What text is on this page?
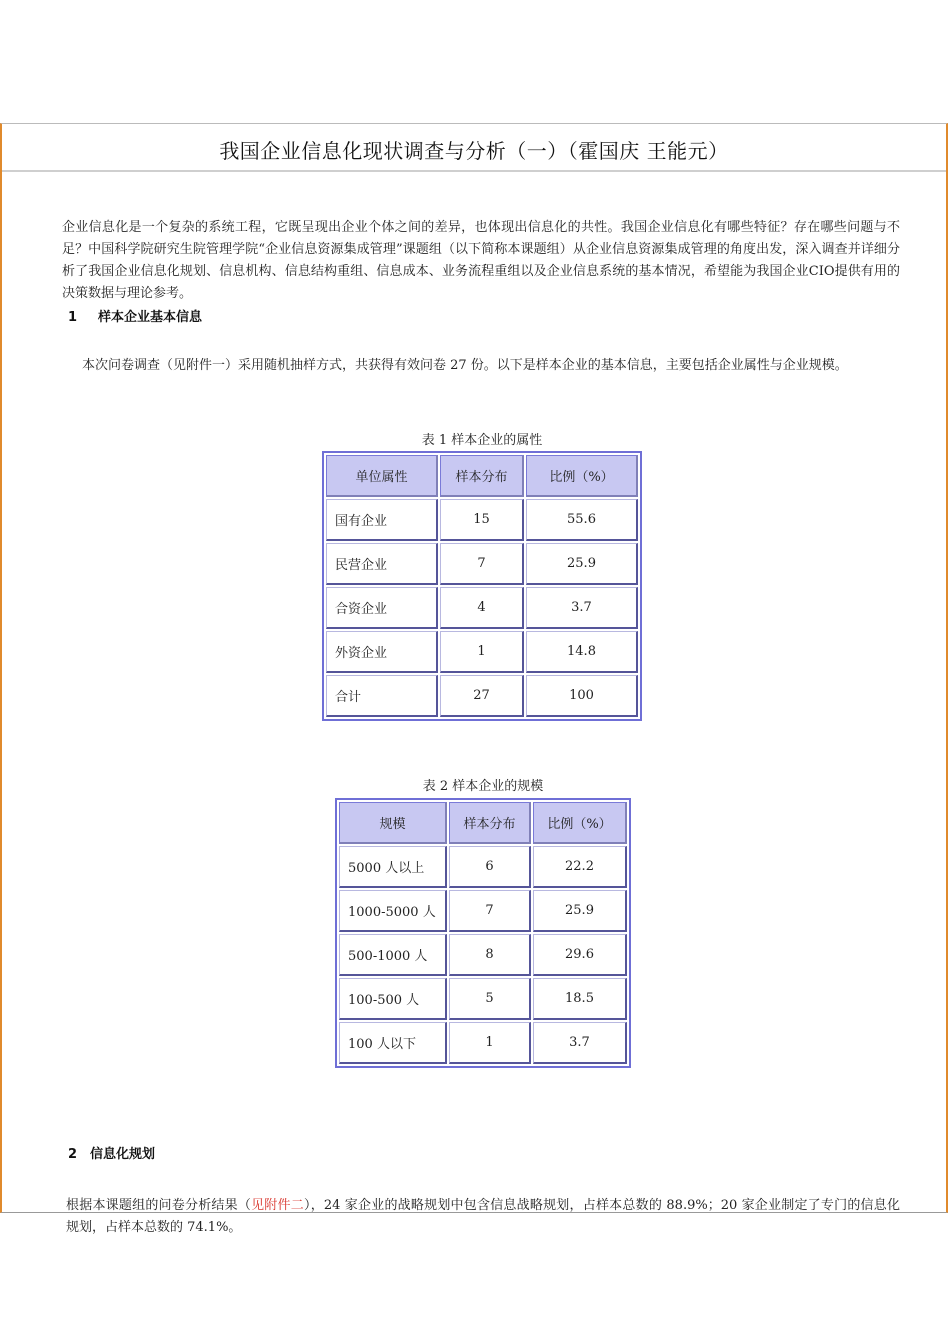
我国企业信息化现状调查与分析（一）（霍国庆 王能元）
企业信息化是一个复杂的系统工程，它既呈现出企业个体之间的差异，也体现出信息化的共性。我国企业信息化有哪些特征？存在哪些问题与不足？中国科学院研究生院管理学院“企业信息资源集成管理”课题组（以下简称本课题组）从企业信息资源集成管理的角度出发，深入调查并详细分析了我国企业信息化规划、信息机构、信息结构重组、信息成本、业务流程重组以及企业信息系统的基本情况，希望能为我国企业CIO提供有用的决策数据与理论参考。
1 样本企业基本信息
本次问卷调查（见附件一）采用随机抽样方式，共获得有效问卷 27 份。以下是样本企业的基本信息，主要包括企业属性与企业规模。
表 1 样本企业的属性
单位属性	样本分布	比例（%）
国有企业	15	55.6
民营企业	7	25.9
合资企业	4	3.7
外资企业	1	14.8
合计	27	100
表 2 样本企业的规模
规模	样本分布	比例（%）
5000 人以上	6	22.2
1000-5000 人	7	25.9
500-1000 人	8	29.6
100-500 人	5	18.5
100 人以下	1	3.7
2 信息化规划
根据本课题组的问卷分析结果（见附件二），24 家企业的战略规划中包含信息战略规划，占样本总数的 88.9%；20 家企业制定了专门的信息化规划，占样本总数的 74.1%。
